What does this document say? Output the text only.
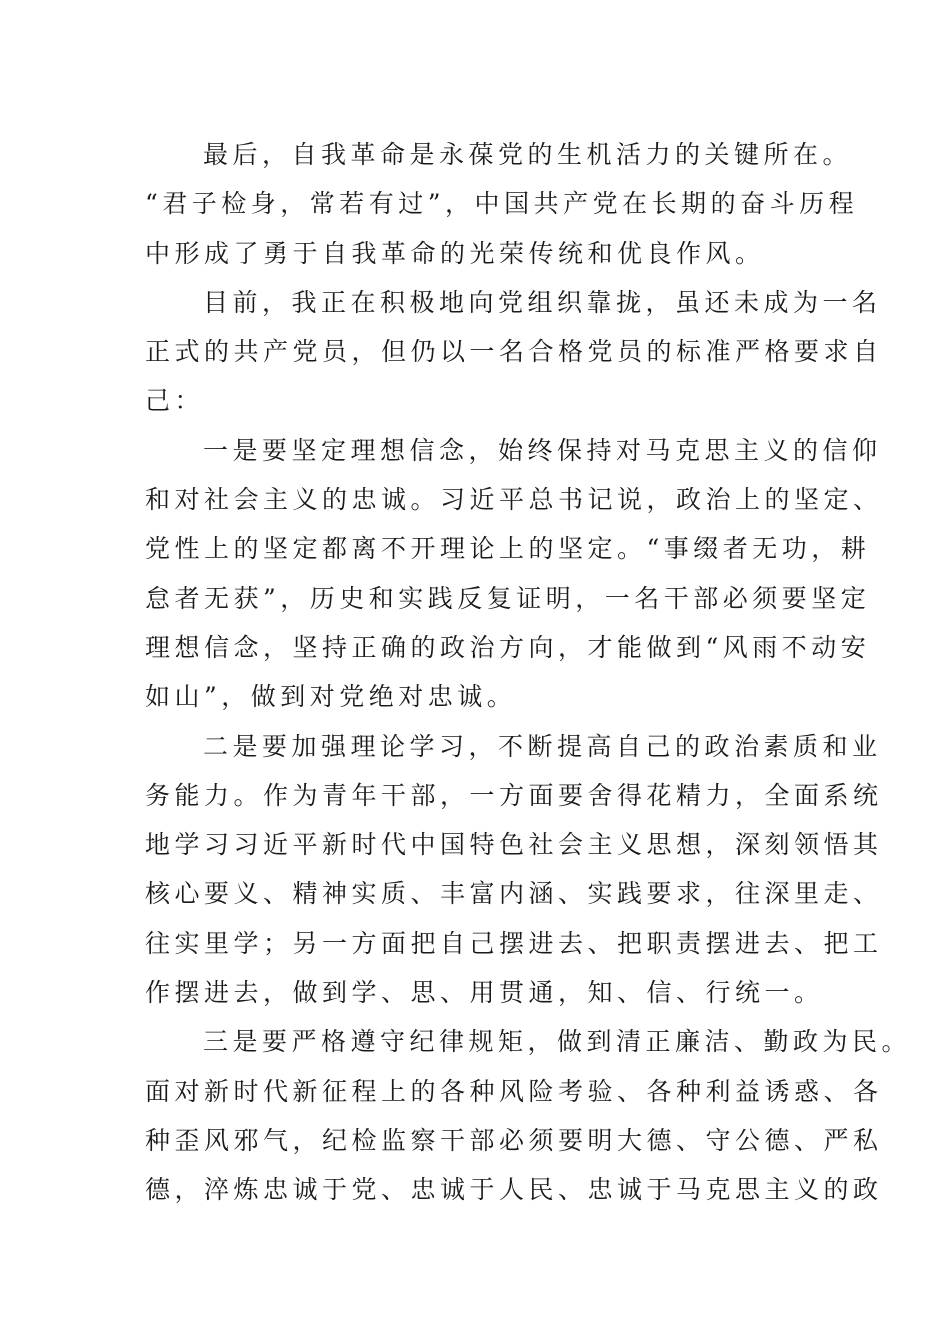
最后，自我革命是永葆党的生机活力的关键所在。
“君子检身，常若有过”，中国共产党在长期的奋斗历程
中形成了勇于自我革命的光荣传统和优良作风。
目前，我正在积极地向党组织靠拢，虽还未成为一名
正式的共产党员，但仍以一名合格党员的标准严格要求自
己：
一是要坚定理想信念，始终保持对马克思主义的信仰
和对社会主义的忠诚。习近平总书记说，政治上的坚定、
党性上的坚定都离不开理论上的坚定。“事缀者无功，耕
怠者无获”，历史和实践反复证明，一名干部必须要坚定
理想信念，坚持正确的政治方向，才能做到“风雨不动安
如山”，做到对党绝对忠诚。
二是要加强理论学习，不断提高自己的政治素质和业
务能力。作为青年干部，一方面要舍得花精力，全面系统
地学习习近平新时代中国特色社会主义思想，深刻领悟其
核心要义、精神实质、丰富内涵、实践要求，往深里走、
往实里学；另一方面把自己摆进去、把职责摆进去、把工
作摆进去，做到学、思、用贯通，知、信、行统一。
三是要严格遵守纪律规矩，做到清正廉洁、勤政为民。
面对新时代新征程上的各种风险考验、各种利益诱惑、各
种歪风邪气，纪检监察干部必须要明大德、守公德、严私
德，淬炼忠诚于党、忠诚于人民、忠诚于马克思主义的政
